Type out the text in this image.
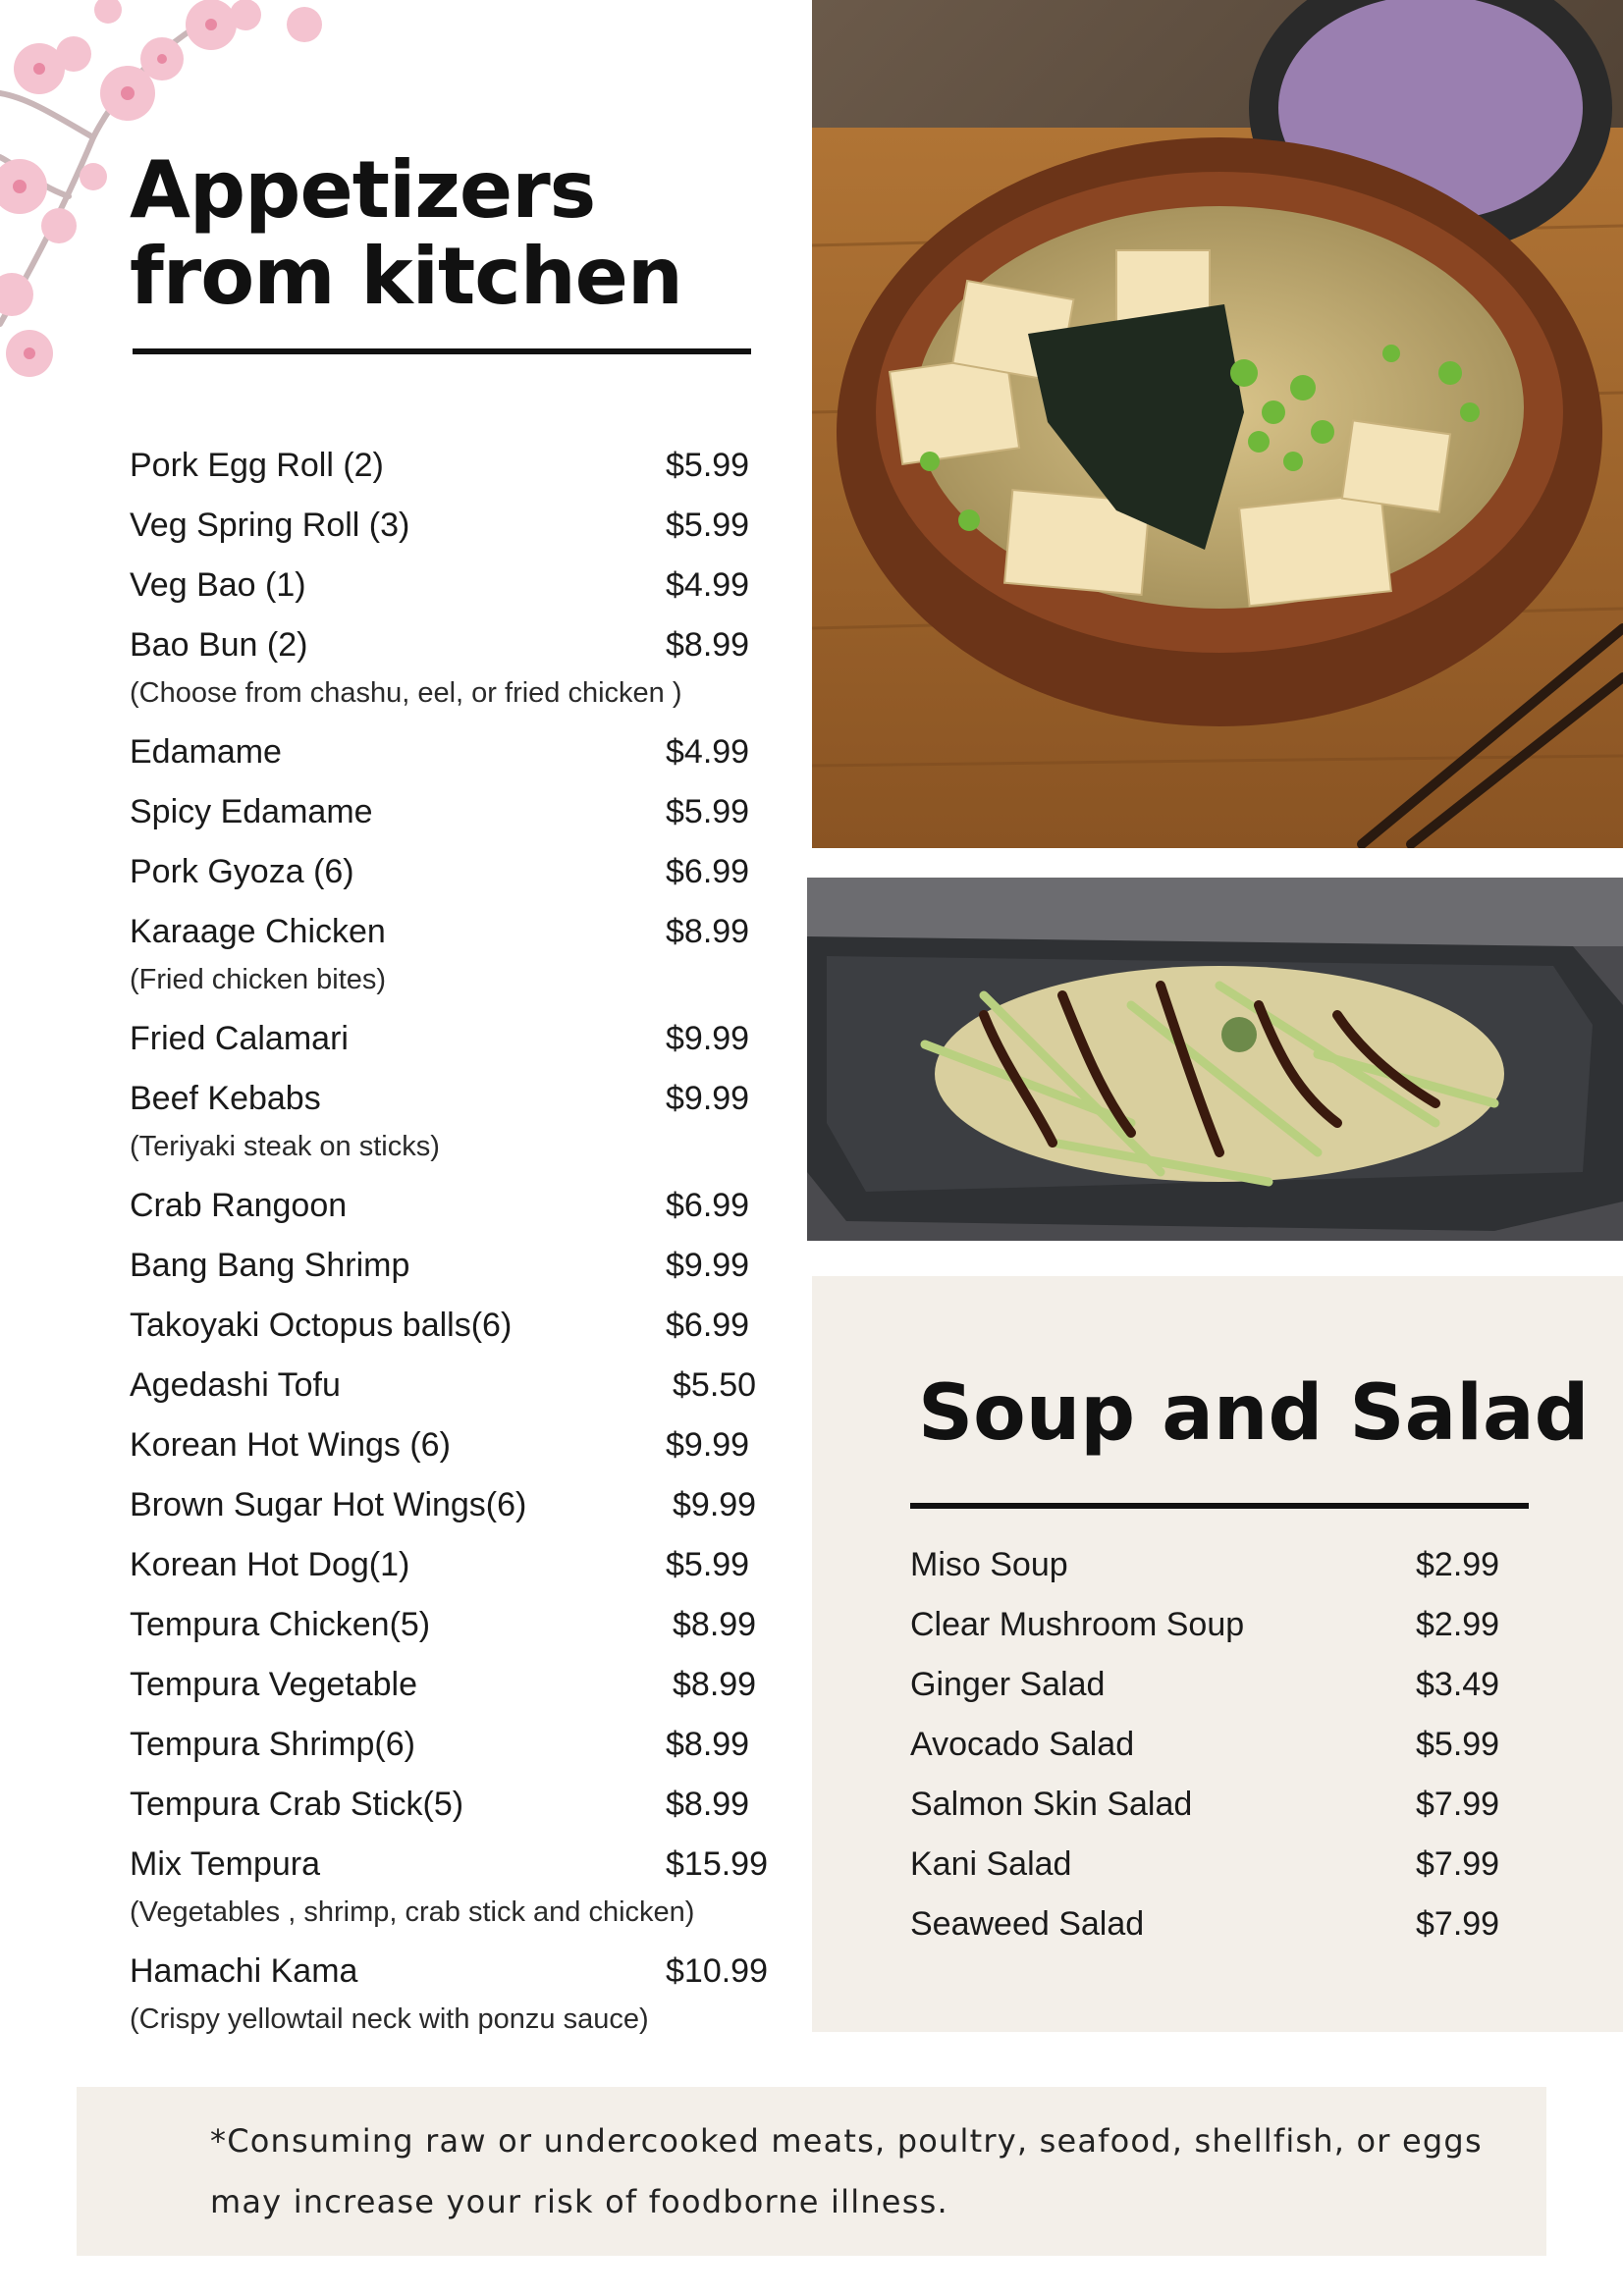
Appetizers from kitchen
Pork Egg Roll (2)	$5.99
Veg Spring Roll (3)	$5.99
Veg Bao (1)	$4.99
Bao Bun (2)	$8.99
(Choose from chashu, eel, or fried chicken )
Edamame	$4.99
Spicy Edamame	$5.99
Pork Gyoza (6)	$6.99
Karaage Chicken	$8.99
(Fried chicken bites)
Fried Calamari	$9.99
Beef Kebabs	$9.99
(Teriyaki steak on sticks)
Crab Rangoon	$6.99
Bang Bang Shrimp	$9.99
Takoyaki Octopus balls(6)	$6.99
Agedashi Tofu	$5.50
Korean Hot Wings (6)	$9.99
Brown Sugar Hot Wings(6)	$9.99
Korean Hot Dog(1)	$5.99
Tempura Chicken(5)	$8.99
Tempura Vegetable	$8.99
Tempura Shrimp(6)	$8.99
Tempura Crab Stick(5)	$8.99
Mix Tempura	$15.99
(Vegetables , shrimp, crab stick and chicken)
Hamachi Kama	$10.99
(Crispy yellowtail neck with ponzu sauce)
Soup and Salad
Miso Soup	$2.99
Clear Mushroom Soup	$2.99
Ginger Salad	$3.49
Avocado Salad	$5.99
Salmon Skin Salad	$7.99
Kani Salad	$7.99
Seaweed Salad	$7.99

*Consuming raw or undercooked meats, poultry, seafood, shellfish, or eggs
may increase your risk of foodborne illness.
